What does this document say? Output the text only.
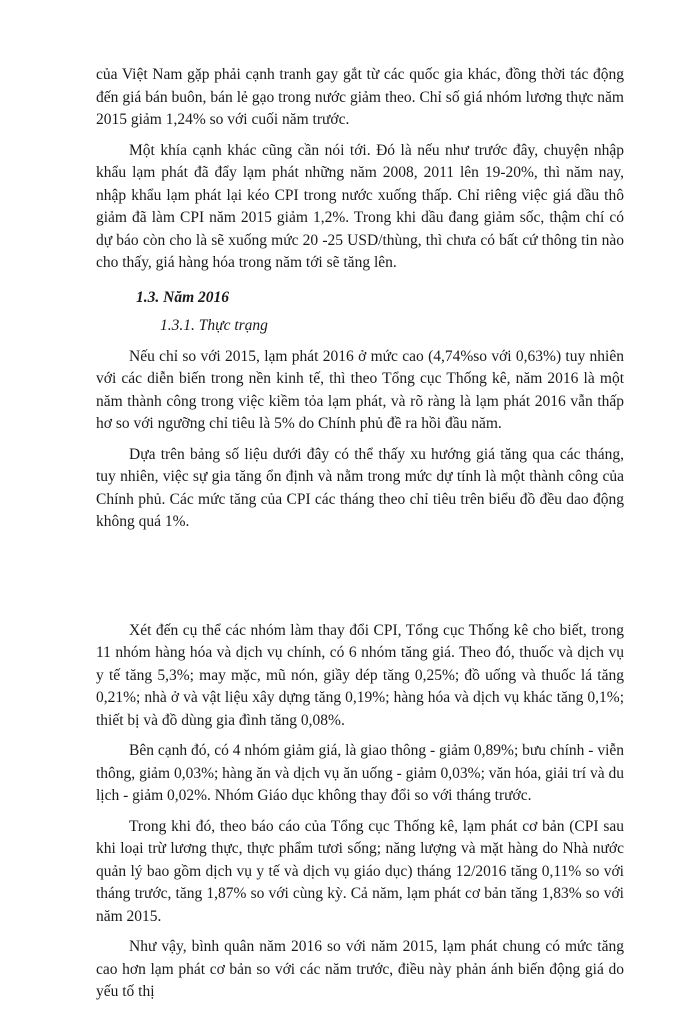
của Việt Nam gặp phải cạnh tranh gay gắt từ các quốc gia khác, đồng thời tác động đến giá bán buôn, bán lẻ gạo trong nước giảm theo. Chỉ số giá nhóm lương thực năm 2015 giảm 1,24% so với cuối năm trước.

Một khía cạnh khác cũng cần nói tới. Đó là nếu như trước đây, chuyện nhập khẩu lạm phát đã đẩy lạm phát những năm 2008, 2011 lên 19-20%, thì năm nay, nhập khẩu lạm phát lại kéo CPI trong nước xuống thấp. Chỉ riêng việc giá dầu thô giảm đã làm CPI năm 2015 giảm 1,2%. Trong khi dầu đang giảm sốc, thậm chí có dự báo còn cho là sẽ xuống mức 20 -25 USD/thùng, thì chưa có bất cứ thông tin nào cho thấy, giá hàng hóa trong năm tới sẽ tăng lên.

1.3. Năm 2016
1.3.1. Thực trạng

Nếu chỉ so với 2015, lạm phát 2016 ở mức cao (4,74%so với 0,63%) tuy nhiên với các diễn biến trong nền kinh tế, thì theo Tổng cục Thống kê, năm 2016 là một năm thành công trong việc kiềm tỏa lạm phát, và rõ ràng là lạm phát 2016 vẫn thấp hơ so với ngưỡng chỉ tiêu là 5% do Chính phủ đề ra hồi đầu năm.

Dựa trên bảng số liệu dưới đây có thể thấy xu hướng giá tăng qua các tháng, tuy nhiên, việc sự gia tăng ổn định và nằm trong mức dự tính là một thành công của Chính phủ. Các mức tăng của CPI các tháng theo chỉ tiêu trên biểu đồ đều dao động không quá 1%.

Xét đến cụ thể các nhóm làm thay đổi CPI, Tổng cục Thống kê cho biết, trong 11 nhóm hàng hóa và dịch vụ chính, có 6 nhóm tăng giá. Theo đó, thuốc và dịch vụ y tế tăng 5,3%; may mặc, mũ nón, giầy dép tăng 0,25%; đồ uống và thuốc lá tăng 0,21%; nhà ở và vật liệu xây dựng tăng 0,19%; hàng hóa và dịch vụ khác tăng 0,1%; thiết bị và đồ dùng gia đình tăng 0,08%.

Bên cạnh đó, có 4 nhóm giảm giá, là giao thông - giảm 0,89%; bưu chính - viễn thông, giảm 0,03%; hàng ăn và dịch vụ ăn uống - giảm 0,03%; văn hóa, giải trí và du lịch - giảm 0,02%. Nhóm Giáo dục không thay đổi so với tháng trước.

Trong khi đó, theo báo cáo của Tổng cục Thống kê, lạm phát cơ bản (CPI sau khi loại trừ lương thực, thực phẩm tươi sống; năng lượng và mặt hàng do Nhà nước quản lý bao gồm dịch vụ y tế và dịch vụ giáo dục) tháng 12/2016 tăng 0,11% so với tháng trước, tăng 1,87% so với cùng kỳ. Cả năm, lạm phát cơ bản tăng 1,83% so với năm 2015.

Như vậy, bình quân năm 2016 so với năm 2015, lạm phát chung có mức tăng cao hơn lạm phát cơ bản so với các năm trước, điều này phản ánh biến động giá do yếu tố thị
